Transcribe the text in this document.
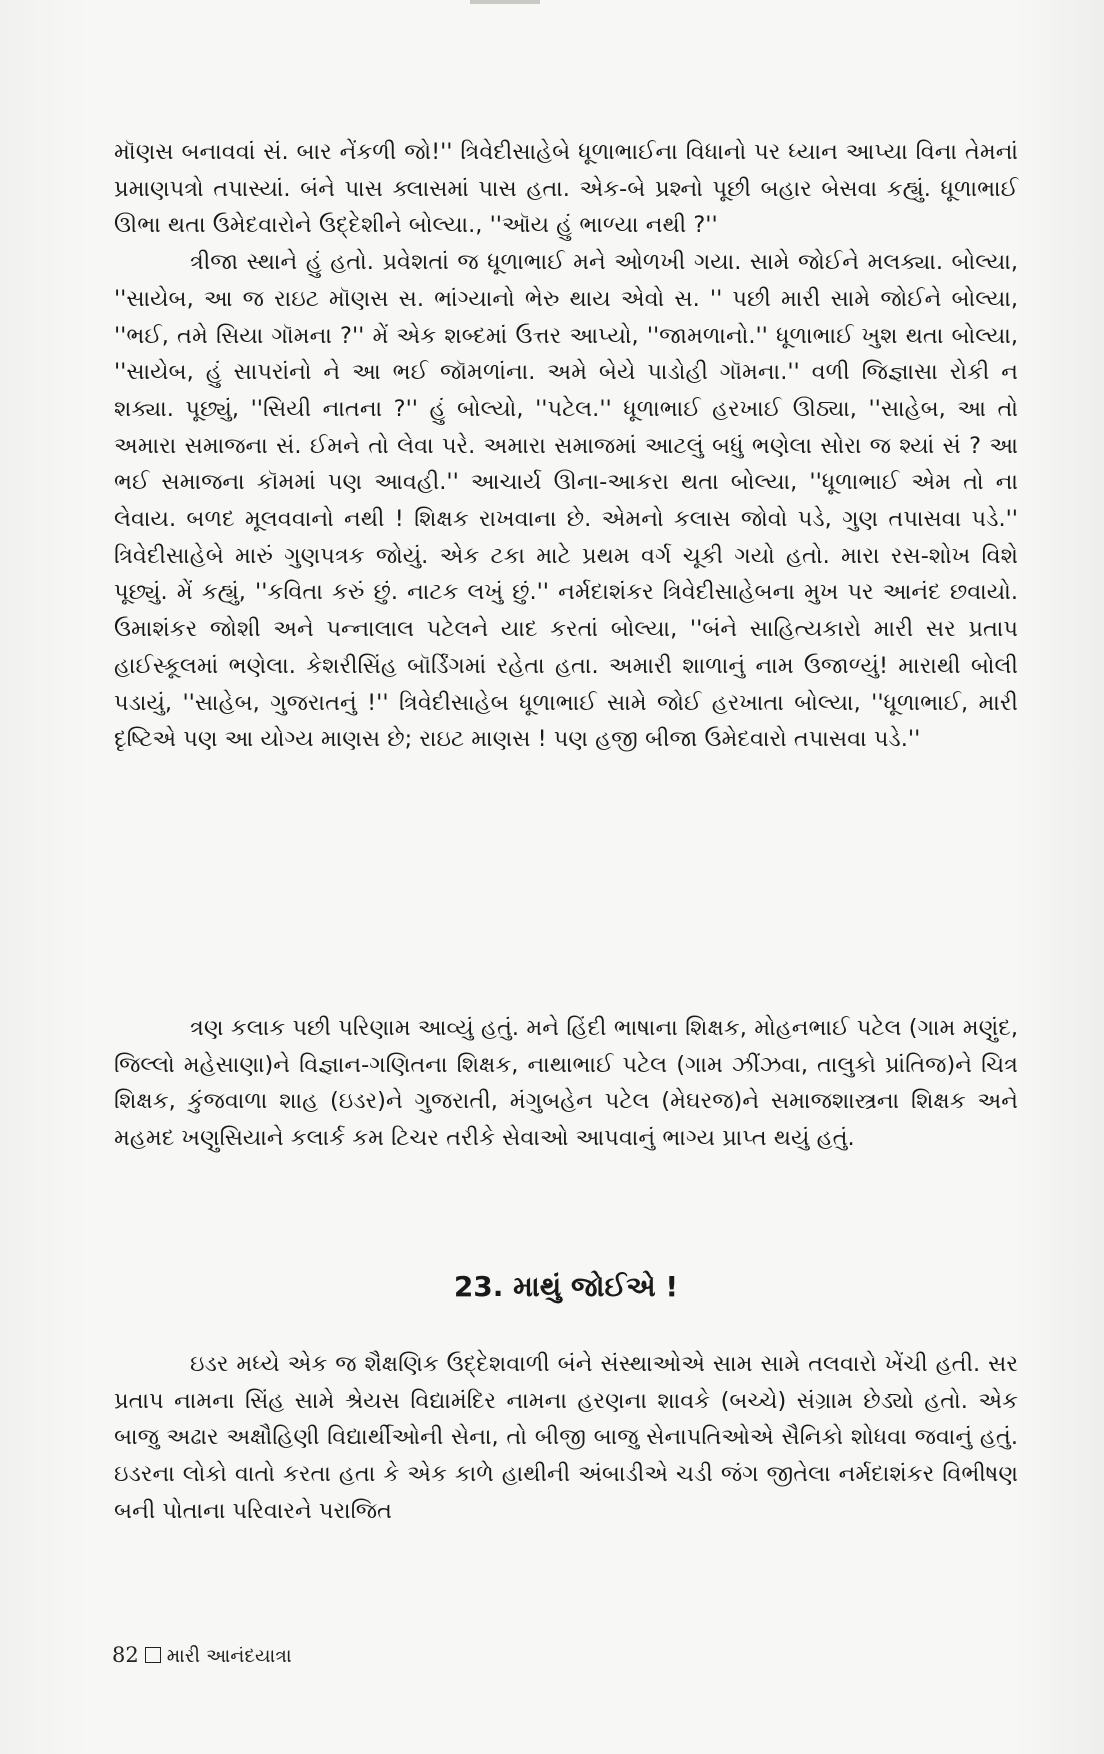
મૉણસ બનાવવાં સં. બાર નેંકળી જો!'' ત્રિવેદીસાહેબે ધૂળાભાઈના વિધાનો પર ધ્યાન આપ્યા વિના તેમનાં પ્રમાણપત્રો તપાસ્યાં. બંને પાસ ક્લાસમાં પાસ હતા. એક-બે પ્રશ્નો પૂછી બહાર બેસવા કહ્યું. ધૂળાભાઈ ઊભા થતા ઉમેદવારોને ઉદ્દેશીને બોલ્યા., ''ઑય હું ભાળ્યા નથી ?''

ત્રીજા સ્થાને હું હતો. પ્રવેશતાં જ ધૂળાભાઈ મને ઓળખી ગયા. સામે જોઈને મલક્યા. બોલ્યા, ''સાયેબ, આ જ રાઇટ મૉણસ સ. ભાંગ્યાનો ભેરુ થાય એવો સ. '' પછી મારી સામે જોઈને બોલ્યા, ''ભઈ, તમે સિયા ગૉમના ?'' મેં એક શબ્દમાં ઉત્તર આપ્યો, ''જામળાનો.'' ધૂળાભાઈ ખુશ થતા બોલ્યા, ''સાયેબ, હું સાપરાંનો ને આ ભઈ જૉમળાંના. અમે બેયે પાડોહી ગૉમના.'' વળી જિજ્ઞાસા રોકી ન શક્યા. પૂછ્યું, ''સિયી નાતના ?'' હું બોલ્યો, ''પટેલ.'' ધૂળાભાઈ હરખાઈ ઊઠ્યા, ''સાહેબ, આ તો અમારા સમાજના સં. ઈમને તો લેવા પરે. અમારા સમાજમાં આટલું બધું ભણેલા સોરા જ શ્યાં સં ? આ ભઈ સમાજના કૉમમાં પણ આવહી.'' આચાર્ય ઊના-આકરા થતા બોલ્યા, ''ધૂળાભાઈ એમ તો ના લેવાય. બળદ મૂલવવાનો નથી ! શિક્ષક રાખવાના છે. એમનો કલાસ જોવો પડે, ગુણ તપાસવા પડે.'' ત્રિવેદીસાહેબે મારું ગુણપત્રક જોયું. એક ટકા માટે પ્રથમ વર્ગ ચૂકી ગયો હતો. મારા રસ-શોખ વિશે પૂછ્યું. મેં કહ્યું, ''કવિતા કરું છું. નાટક લખું છું.'' નર્મદાશંકર ત્રિવેદીસાહેબના મુખ પર આનંદ છવાયો. ઉમાશંકર જોશી અને પન્નાલાલ પટેલને યાદ કરતાં બોલ્યા, ''બંને સાહિત્યકારો મારી સર પ્રતાપ હાઈસ્કૂલમાં ભણેલા. કેશરીસિંહ બૉર્ડિંગમાં રહેતા હતા. અમારી શાળાનું નામ ઉજાળ્યું! મારાથી બોલી પડાયું, ''સાહેબ, ગુજરાતનું !'' ત્રિવેદીસાહેબ ધૂળાભાઈ સામે જોઈ હરખાતા બોલ્યા, ''ધૂળાભાઈ, મારી દૃષ્ટિએ પણ આ યોગ્ય માણસ છે; રાઇટ માણસ ! પણ હજી બીજા ઉમેદવારો તપાસવા પડે.''

ત્રણ કલાક પછી પરિણામ આવ્યું હતું. મને હિંદી ભાષાના શિક્ષક, મોહનભાઈ પટેલ (ગામ મણુંદ, જિલ્લો મહેસાણા)ને વિજ્ઞાન-ગણિતના શિક્ષક, નાથાભાઈ પટેલ (ગામ ઝીંઝવા, તાલુકો પ્રાંતિજ)ને ચિત્ર શિક્ષક, કુંજવાળા શાહ (ઇડર)ને ગુજરાતી, મંગુબહેન પટેલ (મેઘરજ)ને સમાજશાસ્ત્રના શિક્ષક અને મહમદ ખણુસિયાને કલાર્ક કમ ટિચર તરીકે સેવાઓ આપવાનું ભાગ્ય પ્રાપ્ત થયું હતું.

23. માથું જોઈએ !

ઇડર મધ્યે એક જ શૈક્ષણિક ઉદ્દેશવાળી બંને સંસ્થાઓએ સામ સામે તલવારો ખેંચી હતી. સર પ્રતાપ નામના સિંહ સામે શ્રેયસ વિદ્યામંદિર નામના હરણના શાવકે (બચ્ચે) સંગ્રામ છેડ્યો હતો. એક બાજુ અઢાર અક્ષૌહિણી વિદ્યાર્થીઓની સેના, તો બીજી બાજુ સેનાપતિઓએ સૈનિકો શોધવા જવાનું હતું. ઇડરના લોકો વાતો કરતા હતા કે એક કાળે હાથીની અંબાડીએ ચડી જંગ જીતેલા નર્મદાશંકર વિભીષણ બની પોતાના પરિવારને પરાજિત

82 મારી આનંદયાત્રા
